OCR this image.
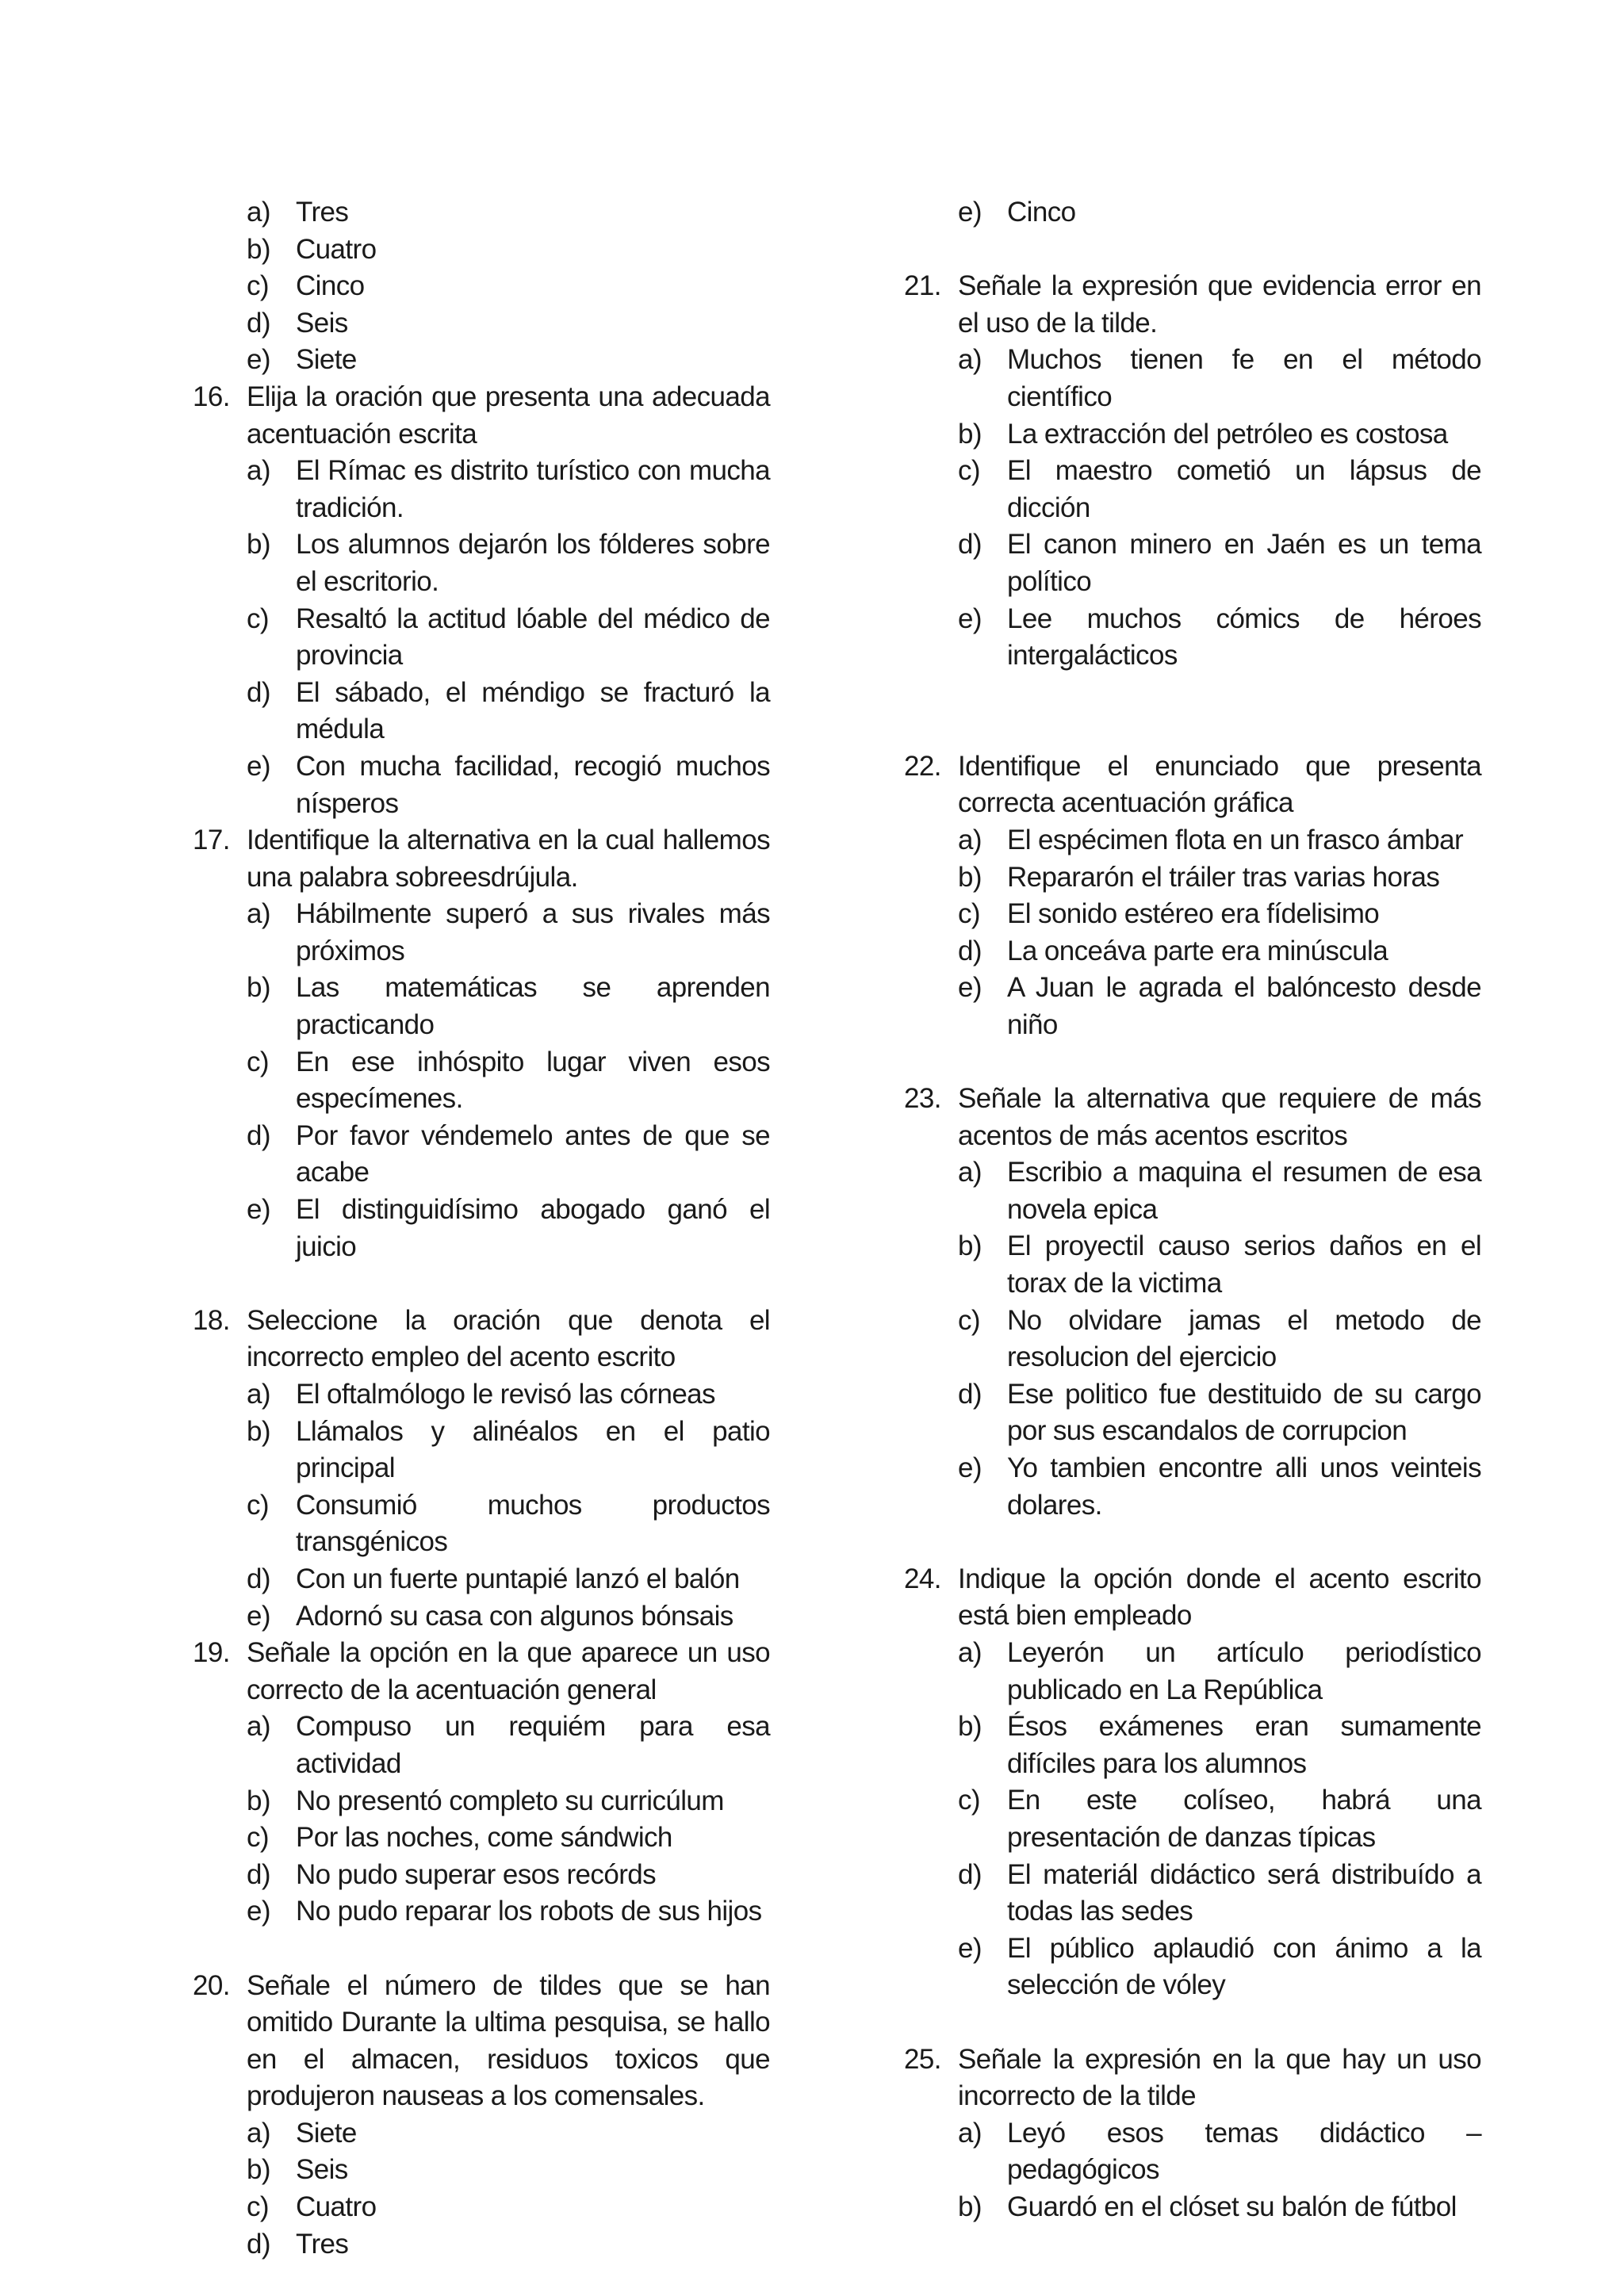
a) Tres
b) Cuatro
c) Cinco
d) Seis
e) Siete
16. Elija la oración que presenta una adecuada acentuación escrita
a) El Rímac es distrito turístico con mucha tradición.
b) Los alumnos dejarón los fólderes sobre el escritorio.
c) Resaltó la actitud lóable del médico de provincia
d) El sábado, el méndigo se fracturó la médula
e) Con mucha facilidad, recogió muchos nísperos
17. Identifique la alternativa en la cual hallemos una palabra sobreesdrújula.
a) Hábilmente superó a sus rivales más próximos
b) Las matemáticas se aprenden practicando
c) En ese inhóspito lugar viven esos especímenes.
d) Por favor véndemelo antes de que se acabe
e) El distinguidísimo abogado ganó el juicio
18. Seleccione la oración que denota el incorrecto empleo del acento escrito
a) El oftalmólogo le revisó las córneas
b) Llámalos y alinéalos en el patio principal
c) Consumió muchos productos transgénicos
d) Con un fuerte puntapié lanzó el balón
e) Adornó su casa con algunos bónsais
19. Señale la opción en la que aparece un uso correcto de la acentuación general
a) Compuso un requiém para esa actividad
b) No presentó completo su curricúlum
c) Por las noches, come sándwich
d) No pudo superar esos recórds
e) No pudo reparar los robots de sus hijos
20. Señale el número de tildes que se han omitido Durante la ultima pesquisa, se hallo en el almacen, residuos toxicos que produjeron nauseas a los comensales.
a) Siete
b) Seis
c) Cuatro
d) Tres
e) Cinco
21. Señale la expresión que evidencia error en el uso de la tilde.
a) Muchos tienen fe en el método científico
b) La extracción del petróleo es costosa
c) El maestro cometió un lápsus de dicción
d) El canon minero en Jaén es un tema político
e) Lee muchos cómics de héroes intergalácticos
22. Identifique el enunciado que presenta correcta acentuación gráfica
a) El espécimen flota en un frasco ámbar
b) Repararón el tráiler tras varias horas
c) El sonido estéreo era fídelisimo
d) La onceáva parte era minúscula
e) A Juan le agrada el balóncesto desde niño
23. Señale la alternativa que requiere de más acentos de más acentos escritos
a) Escribio a maquina el resumen de esa novela epica
b) El proyectil causo serios daños en el torax de la victima
c) No olvidare jamas el metodo de resolucion del ejercicio
d) Ese politico fue destituido de su cargo por sus escandalos de corrupcion
e) Yo tambien encontre alli unos veinteis dolares.
24. Indique la opción donde el acento escrito está bien empleado
a) Leyerón un artículo periodístico publicado en La República
b) Ésos exámenes eran sumamente difíciles para los alumnos
c) En este colíseo, habrá una presentación de danzas típicas
d) El materiál didáctico será distribuído a todas las sedes
e) El público aplaudió con ánimo a la selección de vóley
25. Señale la expresión en la que hay un uso incorrecto de la tilde
a) Leyó esos temas didáctico – pedagógicos
b) Guardó en el clóset su balón de fútbol
